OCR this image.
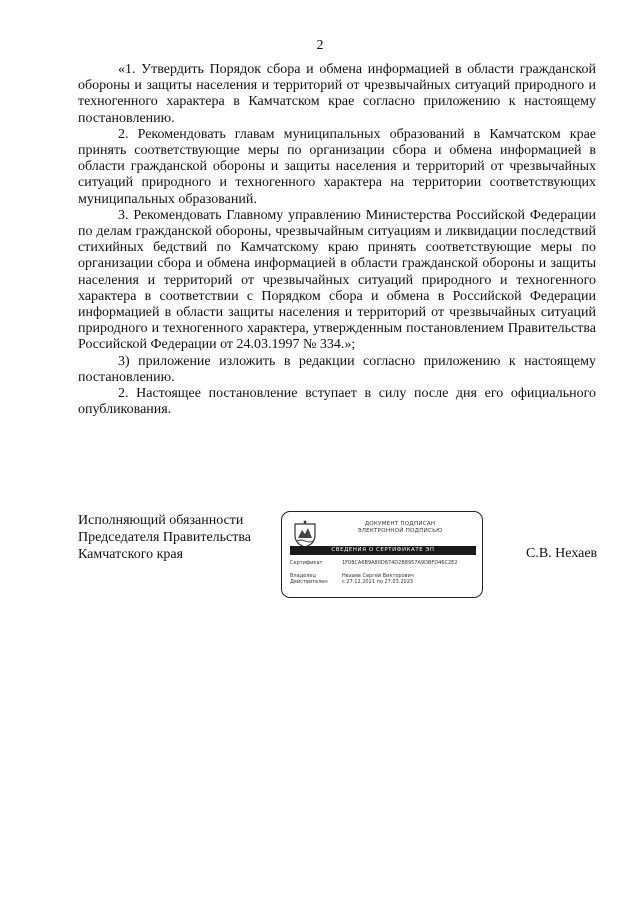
2

«1. Утвердить Порядок сбора и обмена информацией в области гражданской обороны и защиты населения и территорий от чрезвычайных ситуаций природного и техногенного характера в Камчатском крае согласно приложению к настоящему постановлению.

2. Рекомендовать главам муниципальных образований в Камчатском крае принять соответствующие меры по организации сбора и обмена информацией в области гражданской обороны и защиты населения и территорий от чрезвычайных ситуаций природного и техногенного характера на территории соответствующих муниципальных образований.

3. Рекомендовать Главному управлению Министерства Российской Федерации по делам гражданской обороны, чрезвычайным ситуациям и ликвидации последствий стихийных бедствий по Камчатскому краю принять соответствующие меры по организации сбора и обмена информацией в области гражданской обороны и защиты населения и территорий от чрезвычайных ситуаций природного и техногенного характера в соответствии с Порядком сбора и обмена в Российской Федерации информацией в области защиты населения и территорий от чрезвычайных ситуаций природного и техногенного характера, утвержденным постановлением Правительства Российской Федерации от 24.03.1997 № 334.»;

3) приложение изложить в редакции согласно приложению к настоящему постановлению.

2. Настоящее постановление вступает в силу после дня его официального опубликования.

Исполняющий обязанности
Председателя Правительства
Камчатского края
ДОКУМЕНТ ПОДПИСАН
ЭЛЕКТРОННОЙ ПОДПИСЬЮ
СВЕДЕНИЯ О СЕРТИФИКАТЕ ЭП
Сертификат	1F08CA6B9A80D874D2B8957A9DBFD46C2E2
Владелец	Нехаев Сергей Викторович
Действителен	с 27.12.2021 по 27.03.2023
С.В. Нехаев
